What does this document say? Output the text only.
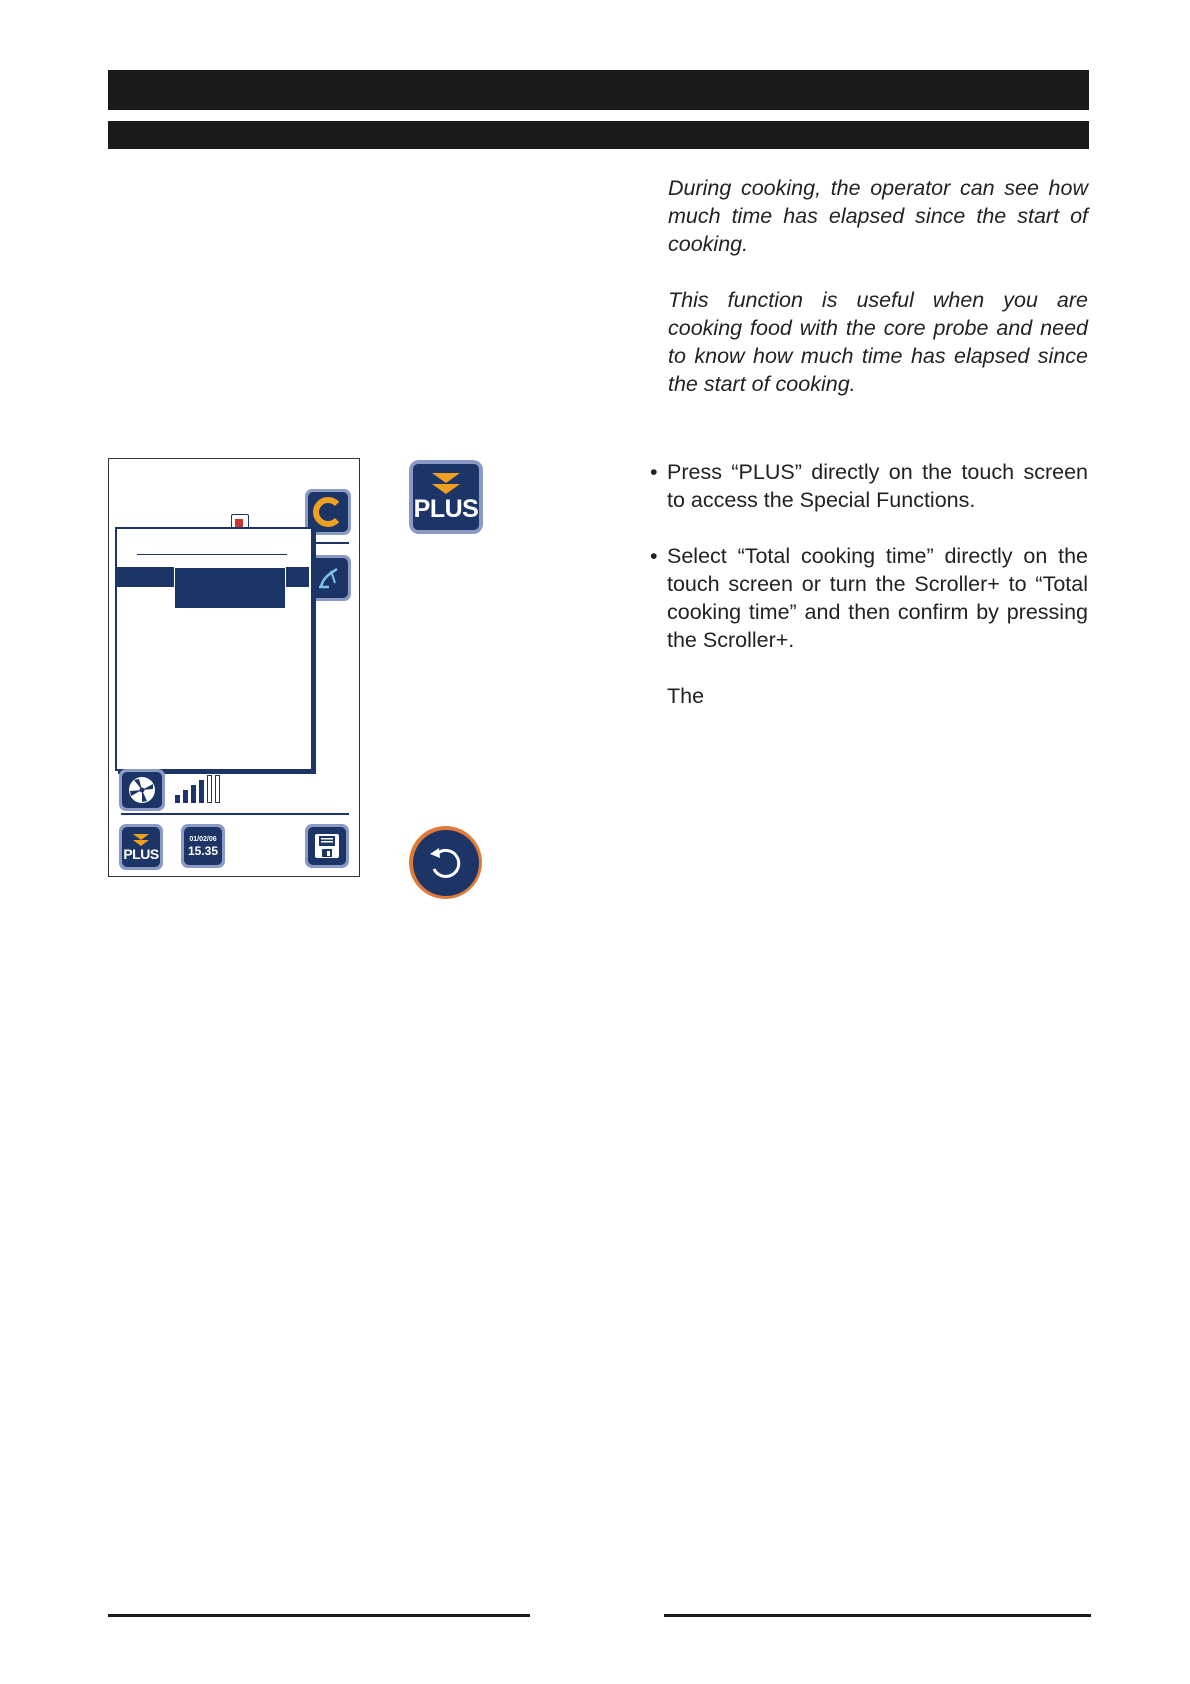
During cooking, the operator can see how much time has elapsed since the start of cooking.

This function is useful when you are cooking food with the core probe and need to know how much time has elapsed since the start of cooking.

PLUS
01/02/06
15.35
PLUS
• Press “PLUS” directly on the touch screen to access the Special Functions.
• Select “Total cooking time” directly on the touch screen or turn the Scroller+ to “Total cooking time” and then confirm by pressing the Scroller+.
The
